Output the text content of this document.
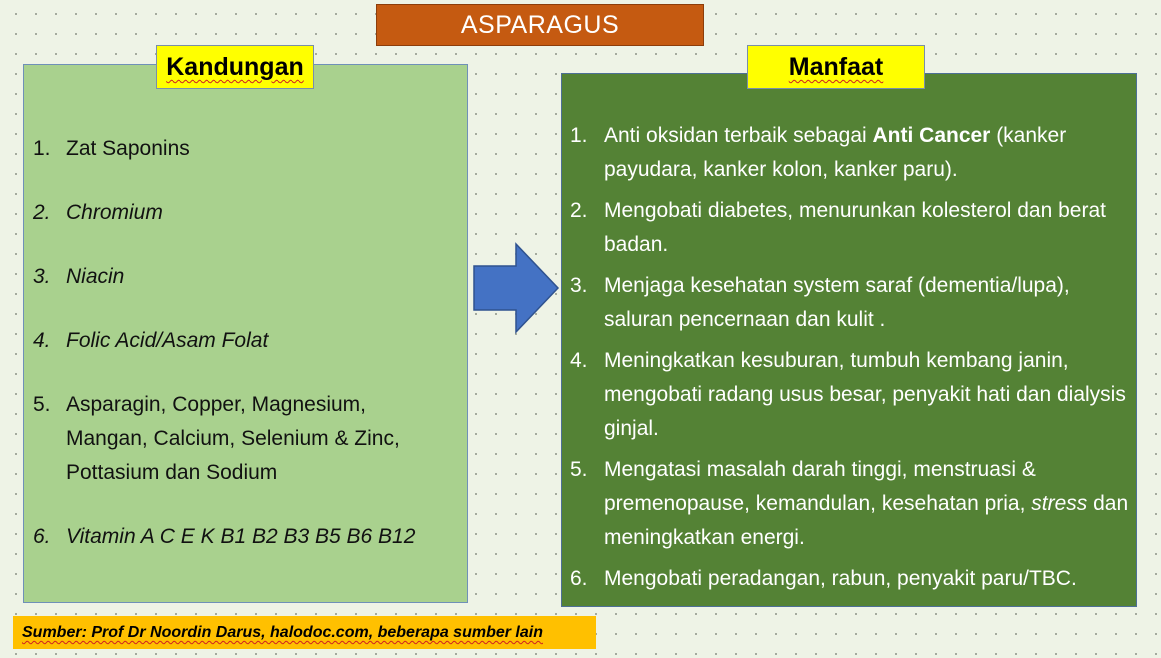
ASPARAGUS
Kandungan	Manfaat
1. Zat Saponins
2. Chromium
3. Niacin
4. Folic Acid/Asam Folat
5. Asparagin, Copper, Magnesium,
Mangan, Calcium, Selenium & Zinc,
Pottasium dan Sodium
6. Vitamin A C E K B1 B2 B3 B5 B6 B12
1. Anti oksidan terbaik sebagai Anti Cancer (kanker payudara, kanker kolon, kanker paru).
2. Mengobati diabetes, menurunkan kolesterol dan berat badan.
3. Menjaga kesehatan system saraf (dementia/lupa), saluran pencernaan dan kulit .
4. Meningkatkan kesuburan, tumbuh kembang janin, mengobati radang usus besar, penyakit hati dan dialysis ginjal.
5. Mengatasi masalah darah tinggi, menstruasi & premenopause, kemandulan, kesehatan pria, stress dan meningkatkan energi.
6. Mengobati peradangan, rabun, penyakit paru/TBC.
Sumber: Prof Dr Noordin Darus, halodoc.com, beberapa sumber lain
